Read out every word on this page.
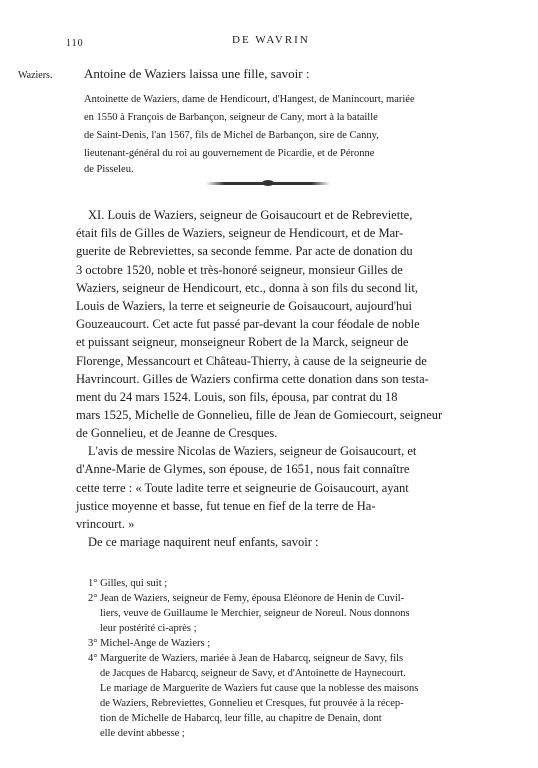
110	DE WAVRIN
Waziers. Antoine de Waziers laissa une fille, savoir :
Antoinette de Waziers, dame de Hendicourt, d'Hangest, de Manincourt, mariée
en 1550 à François de Barbançon, seigneur de Cany, mort à la bataille
de Saint-Denis, l'an 1567, fils de Michel de Barbançon, sire de Canny,
lieutenant-général du roi au gouvernement de Picardie, et de Péronne
de Pisseleu.
XI. Louis de Waziers, seigneur de Goisaucourt et de Rebreviette,
était fils de Gilles de Waziers, seigneur de Hendicourt, et de Mar-
guerite de Rebreviettes, sa seconde femme. Par acte de donation du
3 octobre 1520, noble et très-honoré seigneur, monsieur Gilles de
Waziers, seigneur de Hendicourt, etc., donna à son fils du second lit,
Louis de Waziers, la terre et seigneurie de Goisaucourt, aujourd'hui
Gouzeaucourt. Cet acte fut passé par-devant la cour féodale de noble
et puissant seigneur, monseigneur Robert de la Marck, seigneur de
Florenge, Messancourt et Château-Thierry, à cause de la seigneurie de
Havrincourt. Gilles de Waziers confirma cette donation dans son testa-
ment du 24 mars 1524. Louis, son fils, épousa, par contrat du 18
mars 1525, Michelle de Gonnelieu, fille de Jean de Gomiecourt, seigneur
de Gonnelieu, et de Jeanne de Cresques.
L'avis de messire Nicolas de Waziers, seigneur de Goisaucourt, et
d'Anne-Marie de Glymes, son épouse, de 1651, nous fait connaître
cette terre : « Toute ladite terre et seigneurie de Goisaucourt, ayant
justice moyenne et basse, fut tenue en fief de la terre de Ha-
vrincourt. »
De ce mariage naquirent neuf enfants, savoir :
1° Gilles, qui suit ;
2° Jean de Waziers, seigneur de Femy, épousa Eléonore de Henin de Cuvil-
liers, veuve de Guillaume le Merchier, seigneur de Noreul. Nous donnons
leur postérité ci-après ;
3° Michel-Ange de Waziers ;
4° Marguerite de Waziers, mariée à Jean de Habarcq, seigneur de Savy, fils
de Jacques de Habarcq, seigneur de Savy, et d'Antoinette de Haynecourt.
Le mariage de Marguerite de Waziers fut cause que la noblesse des maisons
de Waziers, Rebreviettes, Gonnelieu et Cresques, fut prouvée à la récep-
tion de Michelle de Habarcq, leur fille, au chapitre de Denain, dont
elle devint abbesse ;
